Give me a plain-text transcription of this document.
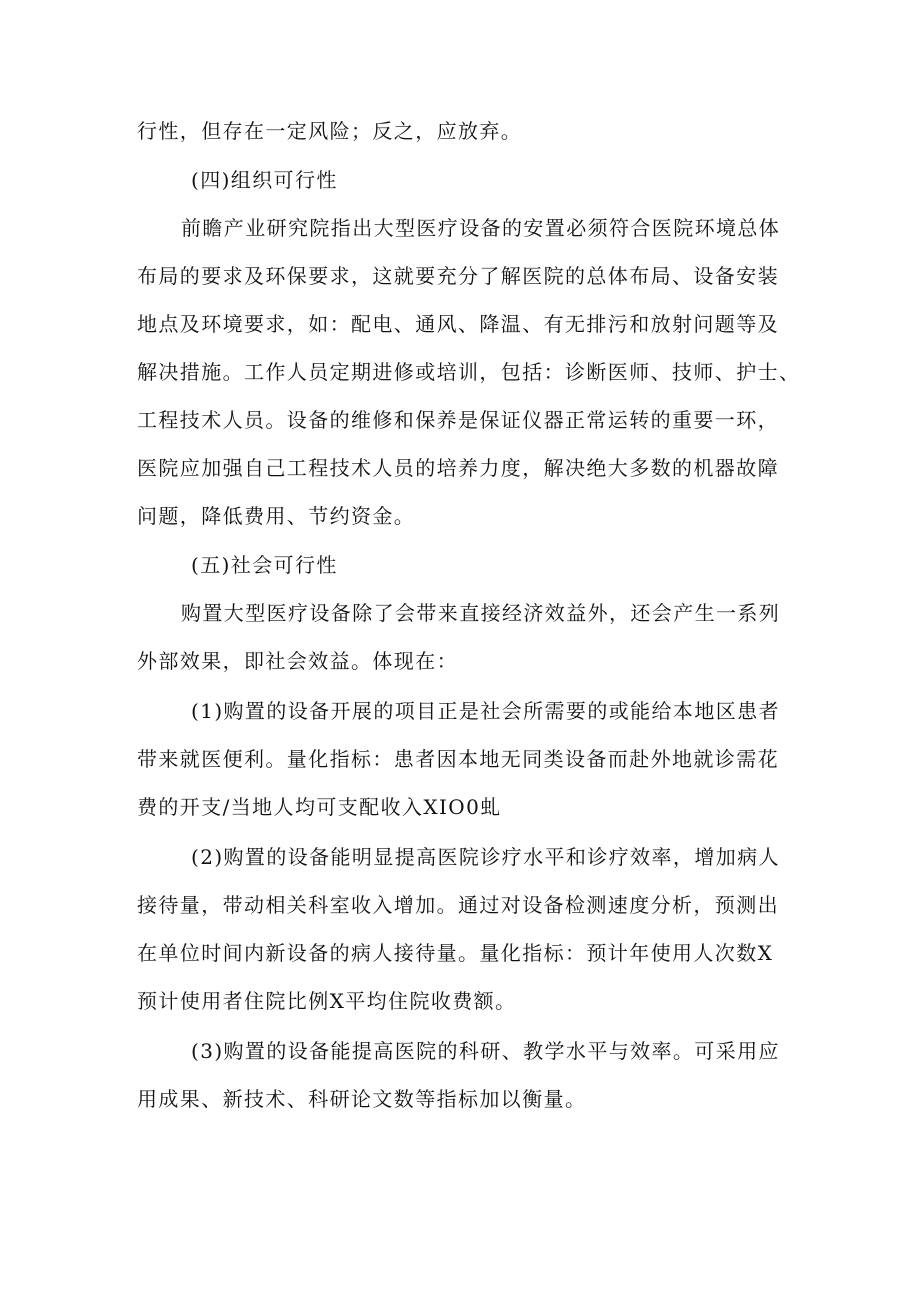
行性，但存在一定风险；反之，应放弃。
(四)组织可行性
前瞻产业研究院指出大型医疗设备的安置必须符合医院环境总体
布局的要求及环保要求，这就要充分了解医院的总体布局、设备安装
地点及环境要求，如：配电、通风、降温、有无排污和放射问题等及
解决措施。工作人员定期进修或培训，包括：诊断医师、技师、护士、
工程技术人员。设备的维修和保养是保证仪器正常运转的重要一环，
医院应加强自己工程技术人员的培养力度，解决绝大多数的机器故障
问题，降低费用、节约资金。
(五)社会可行性
购置大型医疗设备除了会带来直接经济效益外，还会产生一系列
外部效果，即社会效益。体现在：
(1)购置的设备开展的项目正是社会所需要的或能给本地区患者
带来就医便利。量化指标：患者因本地无同类设备而赴外地就诊需花
费的开支/当地人均可支配收入XIO0虬
(2)购置的设备能明显提高医院诊疗水平和诊疗效率，增加病人
接待量，带动相关科室收入增加。通过对设备检测速度分析，预测出
在单位时间内新设备的病人接待量。量化指标：预计年使用人次数X
预计使用者住院比例X平均住院收费额。
(3)购置的设备能提高医院的科研、教学水平与效率。可采用应
用成果、新技术、科研论文数等指标加以衡量。
